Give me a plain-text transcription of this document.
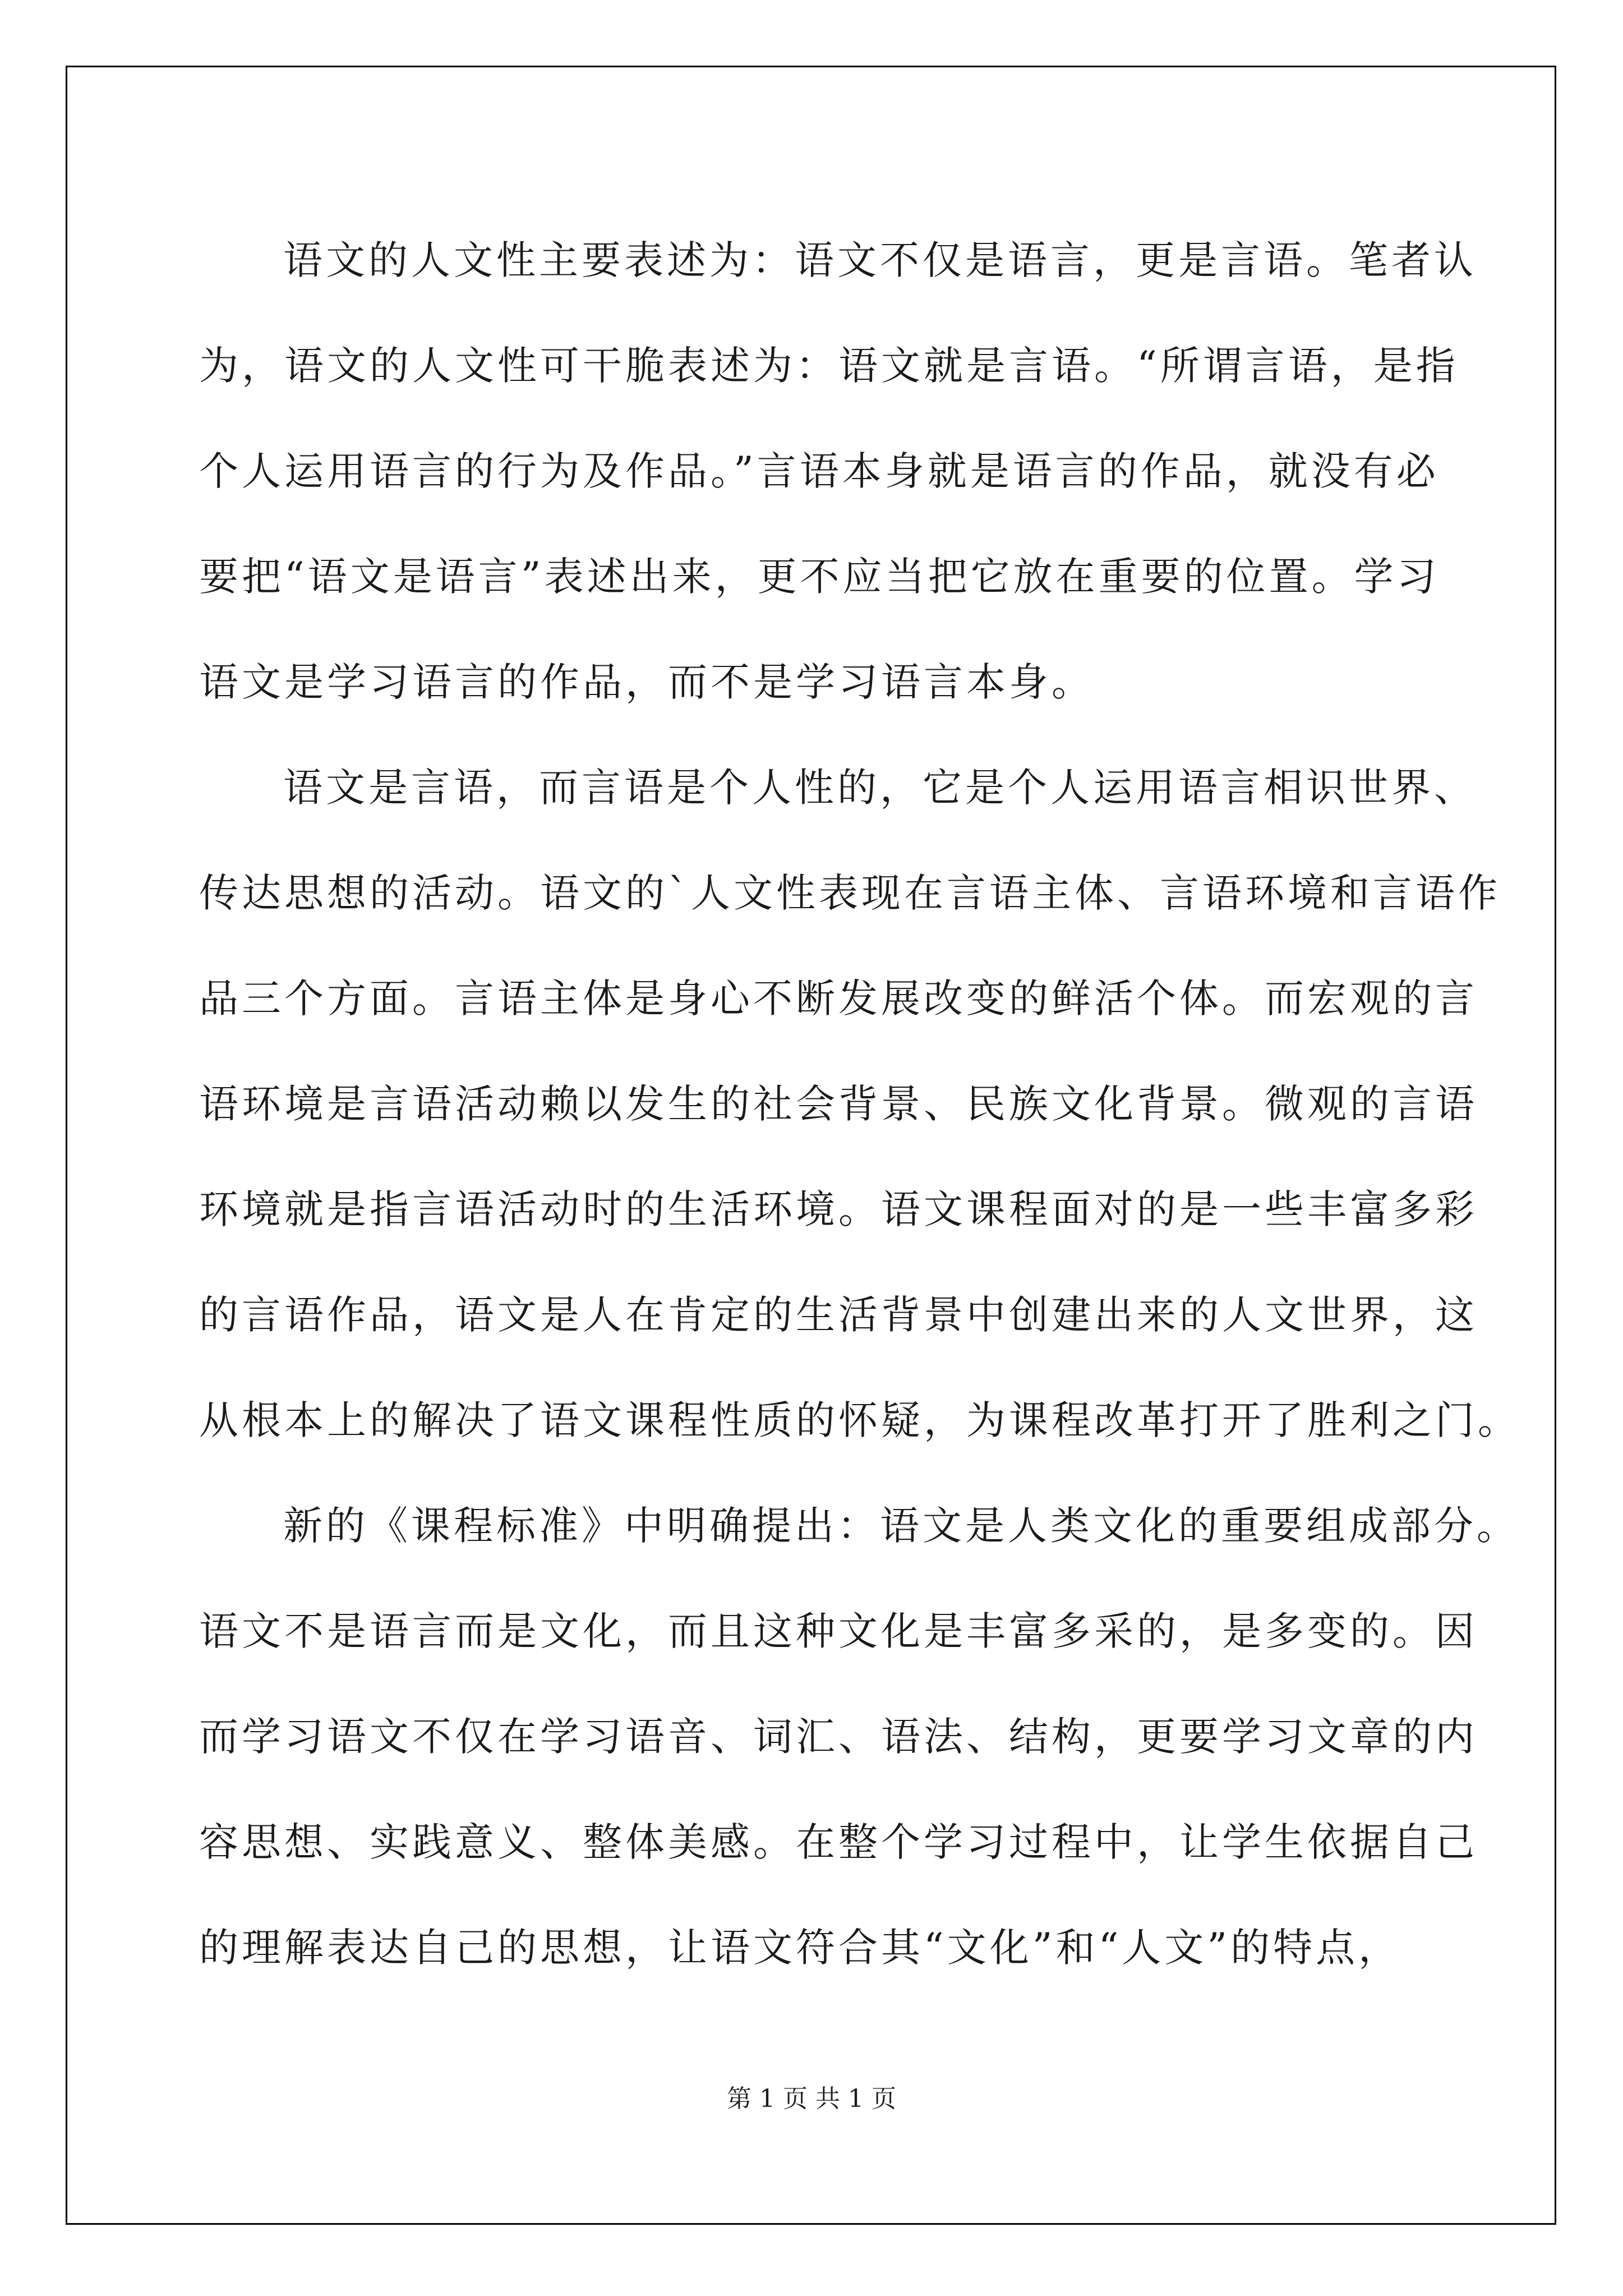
语文的人文性主要表述为：语文不仅是语言，更是言语。笔者认
为，语文的人文性可干脆表述为：语文就是言语。“所谓言语，是指
个人运用语言的行为及作品。”言语本身就是语言的作品，就没有必
要把“语文是语言”表述出来，更不应当把它放在重要的位置。学习
语文是学习语言的作品，而不是学习语言本身。
语文是言语，而言语是个人性的，它是个人运用语言相识世界、
传达思想的活动。语文的`人文性表现在言语主体、言语环境和言语作
品三个方面。言语主体是身心不断发展改变的鲜活个体。而宏观的言
语环境是言语活动赖以发生的社会背景、民族文化背景。微观的言语
环境就是指言语活动时的生活环境。语文课程面对的是一些丰富多彩
的言语作品，语文是人在肯定的生活背景中创建出来的人文世界，这
从根本上的解决了语文课程性质的怀疑，为课程改革打开了胜利之门。
新的《课程标准》中明确提出：语文是人类文化的重要组成部分。
语文不是语言而是文化，而且这种文化是丰富多采的，是多变的。因
而学习语文不仅在学习语音、词汇、语法、结构，更要学习文章的内
容思想、实践意义、整体美感。在整个学习过程中，让学生依据自己
的理解表达自己的思想，让语文符合其“文化”和“人文”的特点，
第 1 页 共 1 页
